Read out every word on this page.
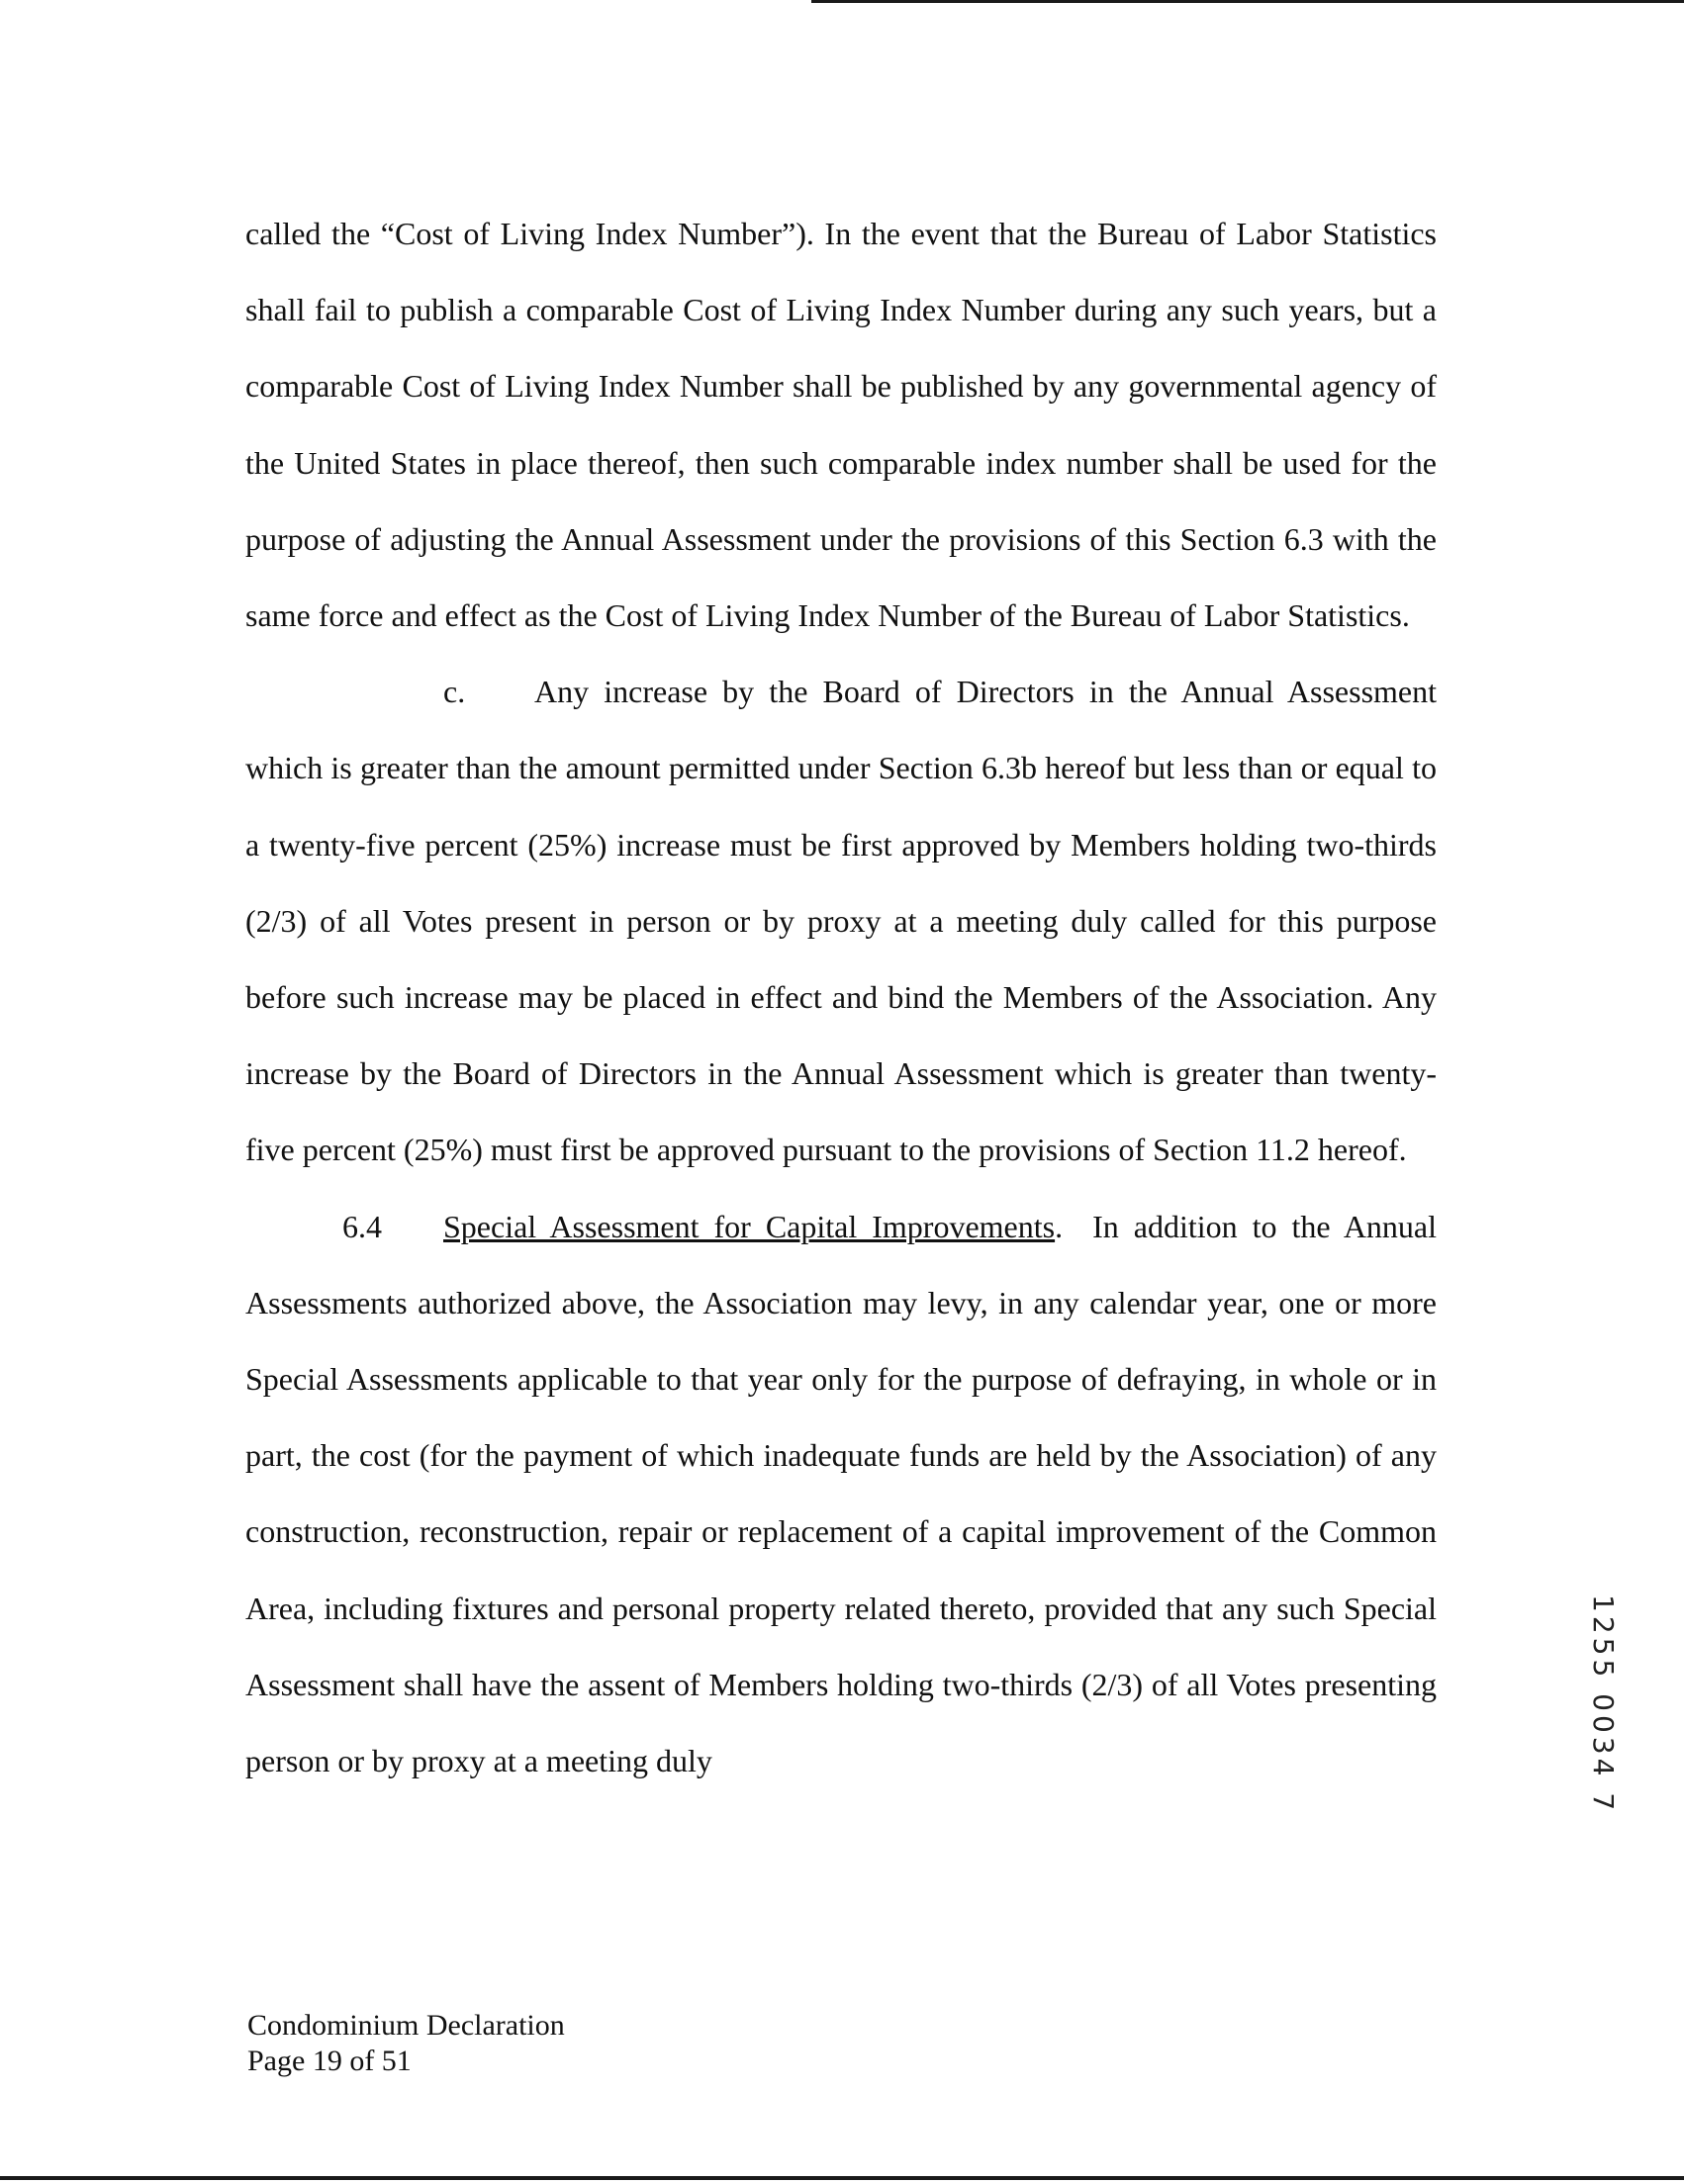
called the “Cost of Living Index Number”). In the event that the Bureau of Labor Statistics shall fail to publish a comparable Cost of Living Index Number during any such years, but a comparable Cost of Living Index Number shall be published by any governmental agency of the United States in place thereof, then such comparable index number shall be used for the purpose of adjusting the Annual Assessment under the provisions of this Section 6.3 with the same force and effect as the Cost of Living Index Number of the Bureau of Labor Statistics.

c. Any increase by the Board of Directors in the Annual Assessment which is greater than the amount permitted under Section 6.3b hereof but less than or equal to a twenty-five percent (25%) increase must be first approved by Members holding two-thirds (2/3) of all Votes present in person or by proxy at a meeting duly called for this purpose before such increase may be placed in effect and bind the Members of the Association. Any increase by the Board of Directors in the Annual Assessment which is greater than twenty-five percent (25%) must first be approved pursuant to the provisions of Section 11.2 hereof.

6.4 Special Assessment for Capital Improvements. In addition to the Annual Assessments authorized above, the Association may levy, in any calendar year, one or more Special Assessments applicable to that year only for the purpose of defraying, in whole or in part, the cost (for the payment of which inadequate funds are held by the Association) of any construction, reconstruction, repair or replacement of a capital improvement of the Common Area, including fixtures and personal property related thereto, provided that any such Special Assessment shall have the assent of Members holding two-thirds (2/3) of all Votes presenting person or by proxy at a meeting duly	1255 0034 7
Condominium Declaration
Page 19 of 51
